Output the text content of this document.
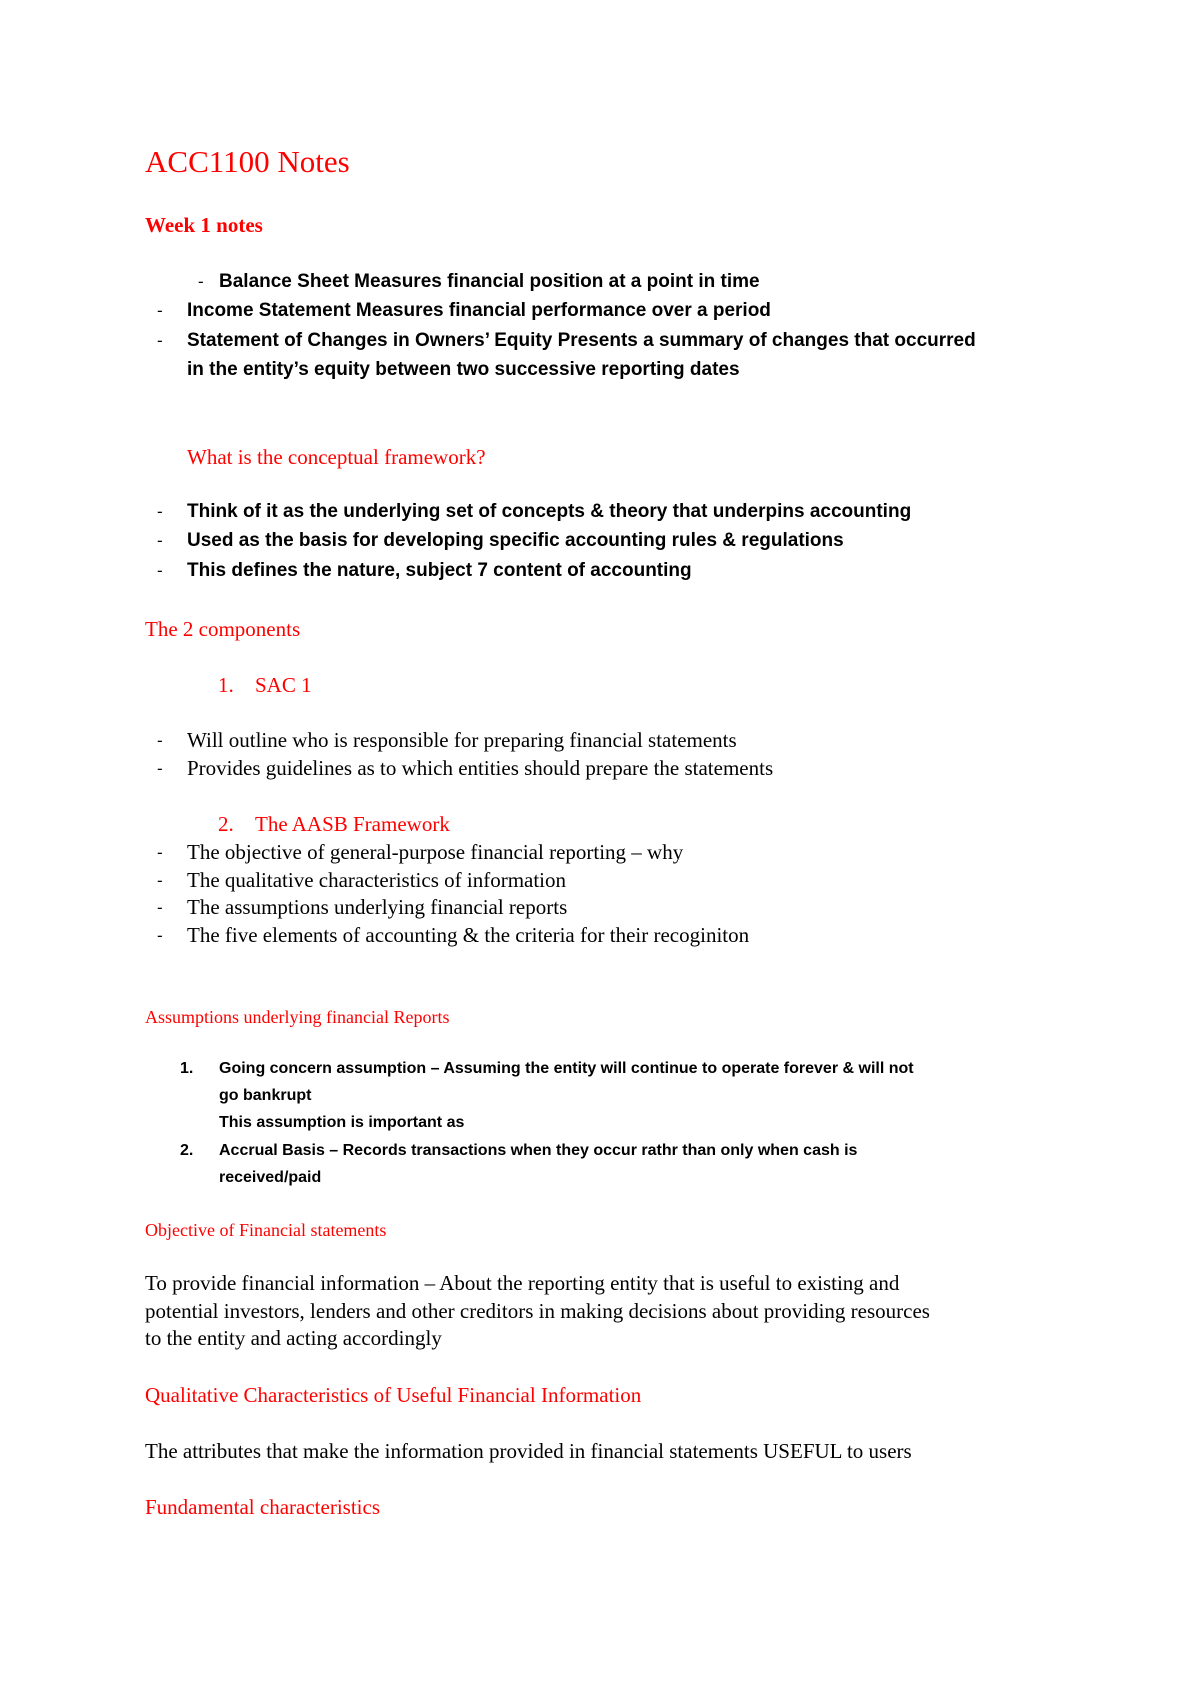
ACC1100 Notes
Week 1 notes
- Balance Sheet Measures financial position at a point in time
- Income Statement Measures financial performance over a period
- Statement of Changes in Owners’ Equity Presents a summary of changes that occurred
in the entity’s equity between two successive reporting dates
What is the conceptual framework?
- Think of it as the underlying set of concepts & theory that underpins accounting
- Used as the basis for developing specific accounting rules & regulations
- This defines the nature, subject 7 content of accounting
The 2 components
1. SAC 1
- Will outline who is responsible for preparing financial statements
- Provides guidelines as to which entities should prepare the statements
2. The AASB Framework
- The objective of general-purpose financial reporting – why
- The qualitative characteristics of information
- The assumptions underlying financial reports
- The five elements of accounting & the criteria for their recoginiton
Assumptions underlying financial Reports
1. Going concern assumption – Assuming the entity will continue to operate forever & will not
go bankrupt
This assumption is important as
2. Accrual Basis – Records transactions when they occur rathr than only when cash is
received/paid
Objective of Financial statements
To provide financial information – About the reporting entity that is useful to existing and
potential investors, lenders and other creditors in making decisions about providing resources
to the entity and acting accordingly
Qualitative Characteristics of Useful Financial Information
The attributes that make the information provided in financial statements USEFUL to users
Fundamental characteristics
